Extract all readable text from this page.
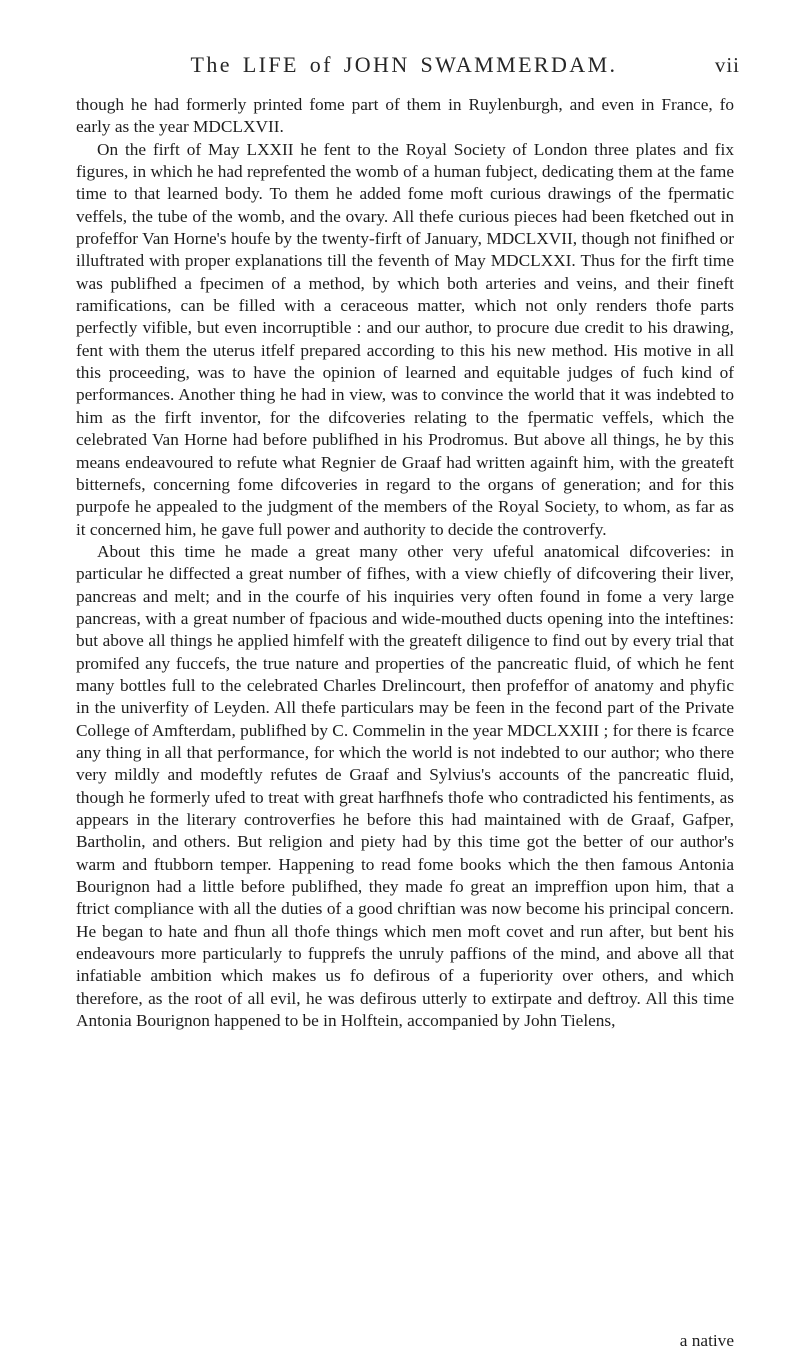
The LIFE of JOHN SWAMMERDAM.	vii

though he had formerly printed fome part of them in Ruylenburgh, and even in France, fo early as the year MDCLXVII.

On the firft of May LXXII he fent to the Royal Society of London three plates and fix figures, in which he had reprefented the womb of a human fubject, dedicating them at the fame time to that learned body. To them he added fome moft curious drawings of the fpermatic veffels, the tube of the womb, and the ovary. All thefe curious pieces had been fketched out in profeffor Van Horne's houfe by the twenty-firft of January, MDCLXVII, though not finifhed or illuftrated with proper explanations till the feventh of May MDCLXXI. Thus for the firft time was publifhed a fpecimen of a method, by which both arteries and veins, and their fineft ramifications, can be filled with a ceraceous matter, which not only renders thofe parts perfectly vifible, but even incorruptible : and our author, to procure due credit to his drawing, fent with them the uterus itfelf prepared according to this his new method. His motive in all this proceeding, was to have the opinion of learned and equitable judges of fuch kind of performances. Another thing he had in view, was to convince the world that it was indebted to him as the firft inventor, for the difcoveries relating to the fpermatic veffels, which the celebrated Van Horne had before publifhed in his Prodromus. But above all things, he by this means endeavoured to refute what Regnier de Graaf had written againft him, with the greateft bitternefs, concerning fome difcoveries in regard to the organs of generation; and for this purpofe he appealed to the judgment of the members of the Royal Society, to whom, as far as it concerned him, he gave full power and authority to decide the controverfy.

About this time he made a great many other very ufeful anatomical difcoveries: in particular he diffected a great number of fifhes, with a view chiefly of difcovering their liver, pancreas and melt; and in the courfe of his inquiries very often found in fome a very large pancreas, with a great number of fpacious and wide-mouthed ducts opening into the inteftines: but above all things he applied himfelf with the greateft diligence to find out by every trial that promifed any fuccefs, the true nature and properties of the pancreatic fluid, of which he fent many bottles full to the celebrated Charles Drelincourt, then profeffor of anatomy and phyfic in the univerfity of Leyden. All thefe particulars may be feen in the fecond part of the Private College of Amfterdam, publifhed by C. Commelin in the year MDCLXXIII ; for there is fcarce any thing in all that performance, for which the world is not indebted to our author; who there very mildly and modeftly refutes de Graaf and Sylvius's accounts of the pancreatic fluid, though he formerly ufed to treat with great harfhnefs thofe who contradicted his fentiments, as appears in the literary controverfies he before this had maintained with de Graaf, Gafper, Bartholin, and others. But religion and piety had by this time got the better of our author's warm and ftubborn temper. Happening to read fome books which the then famous Antonia Bourignon had a little before publifhed, they made fo great an impreffion upon him, that a ftrict compliance with all the duties of a good chriftian was now become his principal concern. He began to hate and fhun all thofe things which men moft covet and run after, but bent his endeavours more particularly to fupprefs the unruly paffions of the mind, and above all that infatiable ambition which makes us fo defirous of a fuperiority over others, and which therefore, as the root of all evil, he was defirous utterly to extirpate and deftroy. All this time Antonia Bourignon happened to be in Holftein, accompanied by John Tielens,

a native
